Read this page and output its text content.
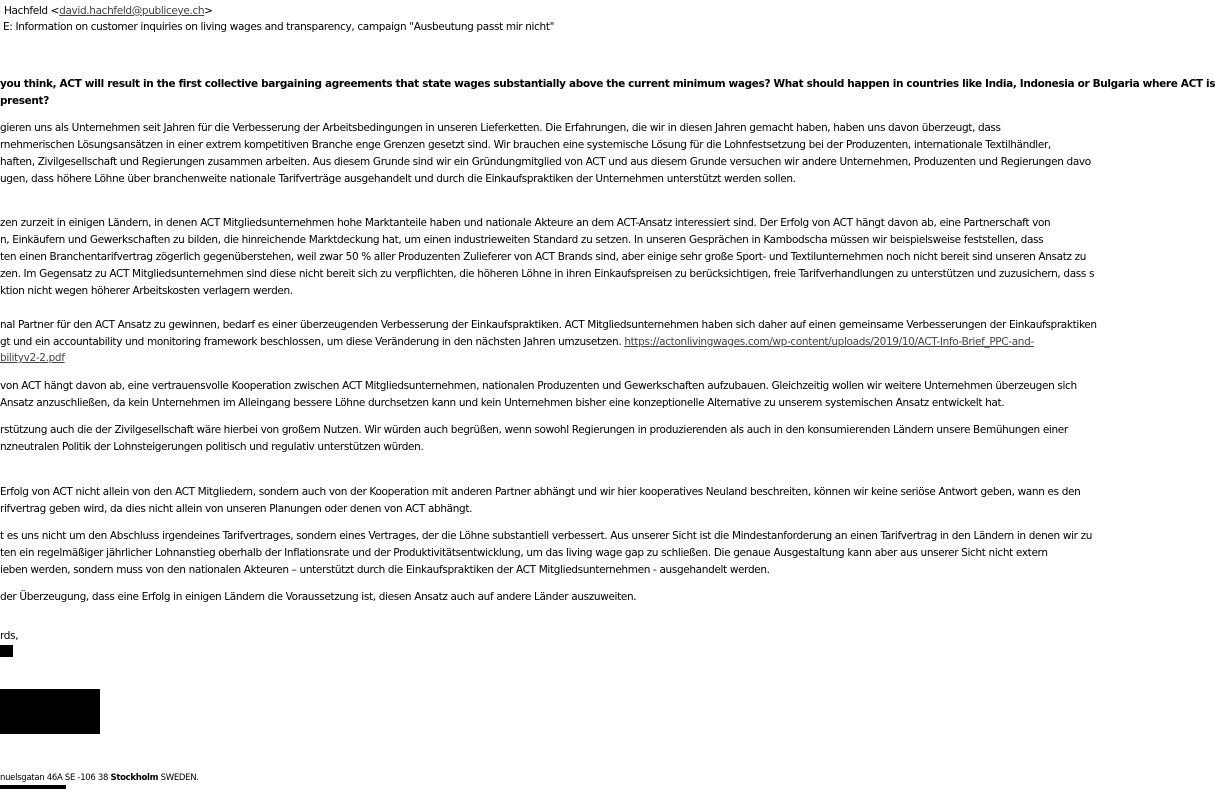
Hachfeld <david.hachfeld@publiceye.ch>
E: Information on customer inquiries on living wages and transparency, campaign "Ausbeutung passt mir nicht"
you think, ACT will result in the first collective bargaining agreements that state wages substantially above the current minimum wages? What should happen in countries like India, Indonesia or Bulgaria where ACT is
present?
gieren uns als Unternehmen seit Jahren für die Verbesserung der Arbeitsbedingungen in unseren Lieferketten. Die Erfahrungen, die wir in diesen Jahren gemacht haben, haben uns davon überzeugt, dass
rnehmerischen Lösungsansätzen in einer extrem kompetitiven Branche enge Grenzen gesetzt sind. Wir brauchen eine systemische Lösung für die Lohnfestsetzung bei der Produzenten, internationale Textilhändler,
haften, Zivilgesellschaft und Regierungen zusammen arbeiten. Aus diesem Grunde sind wir ein Gründungmitglied von ACT und aus diesem Grunde versuchen wir andere Unternehmen, Produzenten und Regierungen davo
ugen, dass höhere Löhne über branchenweite nationale Tarifverträge ausgehandelt und durch die Einkaufspraktiken der Unternehmen unterstützt werden sollen.
zen zurzeit in einigen Ländern, in denen ACT Mitgliedsunternehmen hohe Marktanteile haben und nationale Akteure an dem ACT-Ansatz interessiert sind. Der Erfolg von ACT hängt davon ab, eine Partnerschaft von
n, Einkäufern und Gewerkschaften zu bilden, die hinreichende Marktdeckung hat, um einen industrieweiten Standard zu setzen. In unseren Gesprächen in Kambodscha müssen wir beispielsweise feststellen, dass
ten einen Branchentarifvertrag zögerlich gegenüberstehen, weil zwar 50 % aller Produzenten Zulieferer von ACT Brands sind, aber einige sehr große Sport- und Textilunternehmen noch nicht bereit sind unseren Ansatz zu
zen. Im Gegensatz zu ACT Mitgliedsunternehmen sind diese nicht bereit sich zu verpflichten, die höheren Löhne in ihren Einkaufspreisen zu berücksichtigen, freie Tarifverhandlungen zu unterstützen und zuzusichern, dass s
ktion nicht wegen höherer Arbeitskosten verlagern werden.
nal Partner für den ACT Ansatz zu gewinnen, bedarf es einer überzeugenden Verbesserung der Einkaufspraktiken. ACT Mitgliedsunternehmen haben sich daher auf einen gemeinsame Verbesserungen der Einkaufspraktiken
gt und ein accountability und monitoring framework beschlossen, um diese Veränderung in den nächsten Jahren umzusetzen. https://actonlivingwages.com/wp-content/uploads/2019/10/ACT-Info-Brief_PPC-and-
bilityv2-2.pdf
von ACT hängt davon ab, eine vertrauensvolle Kooperation zwischen ACT Mitgliedsunternehmen, nationalen Produzenten und Gewerkschaften aufzubauen. Gleichzeitig wollen wir weitere Unternehmen überzeugen sich
Ansatz anzuschließen, da kein Unternehmen im Alleingang bessere Löhne durchsetzen kann und kein Unternehmen bisher eine konzeptionelle Alternative zu unserem systemischen Ansatz entwickelt hat.
rstützung auch die der Zivilgesellschaft wäre hierbei von großem Nutzen. Wir würden auch begrüßen, wenn sowohl Regierungen in produzierenden als auch in den konsumierenden Ländern unsere Bemühungen einer
nzneutralen Politik der Lohnsteigerungen politisch und regulativ unterstützen würden.
Erfolg von ACT nicht allein von den ACT Mitgliedern, sondern auch von der Kooperation mit anderen Partner abhängt und wir hier kooperatives Neuland beschreiten, können wir keine seriöse Antwort geben, wann es den
rifvertrag geben wird, da dies nicht allein von unseren Planungen oder denen von ACT abhängt.
t es uns nicht um den Abschluss irgendeines Tarifvertrages, sondern eines Vertrages, der die Löhne substantiell verbessert. Aus unserer Sicht ist die Mindestanforderung an einen Tarifvertrag in den Ländern in denen wir zu
ten ein regelmäßiger jährlicher Lohnanstieg oberhalb der Inflationsrate und der Produktivitätsentwicklung, um das living wage gap zu schließen. Die genaue Ausgestaltung kann aber aus unserer Sicht nicht extern
ieben werden, sondern muss von den nationalen Akteuren – unterstützt durch die Einkaufspraktiken der ACT Mitgliedsunternehmen - ausgehandelt werden.
der Überzeugung, dass eine Erfolg in einigen Ländern die Voraussetzung ist, diesen Ansatz auch auf andere Länder auszuweiten.
rds,
nuelsgatan 46A SE -106 38 Stockholm SWEDEN.
